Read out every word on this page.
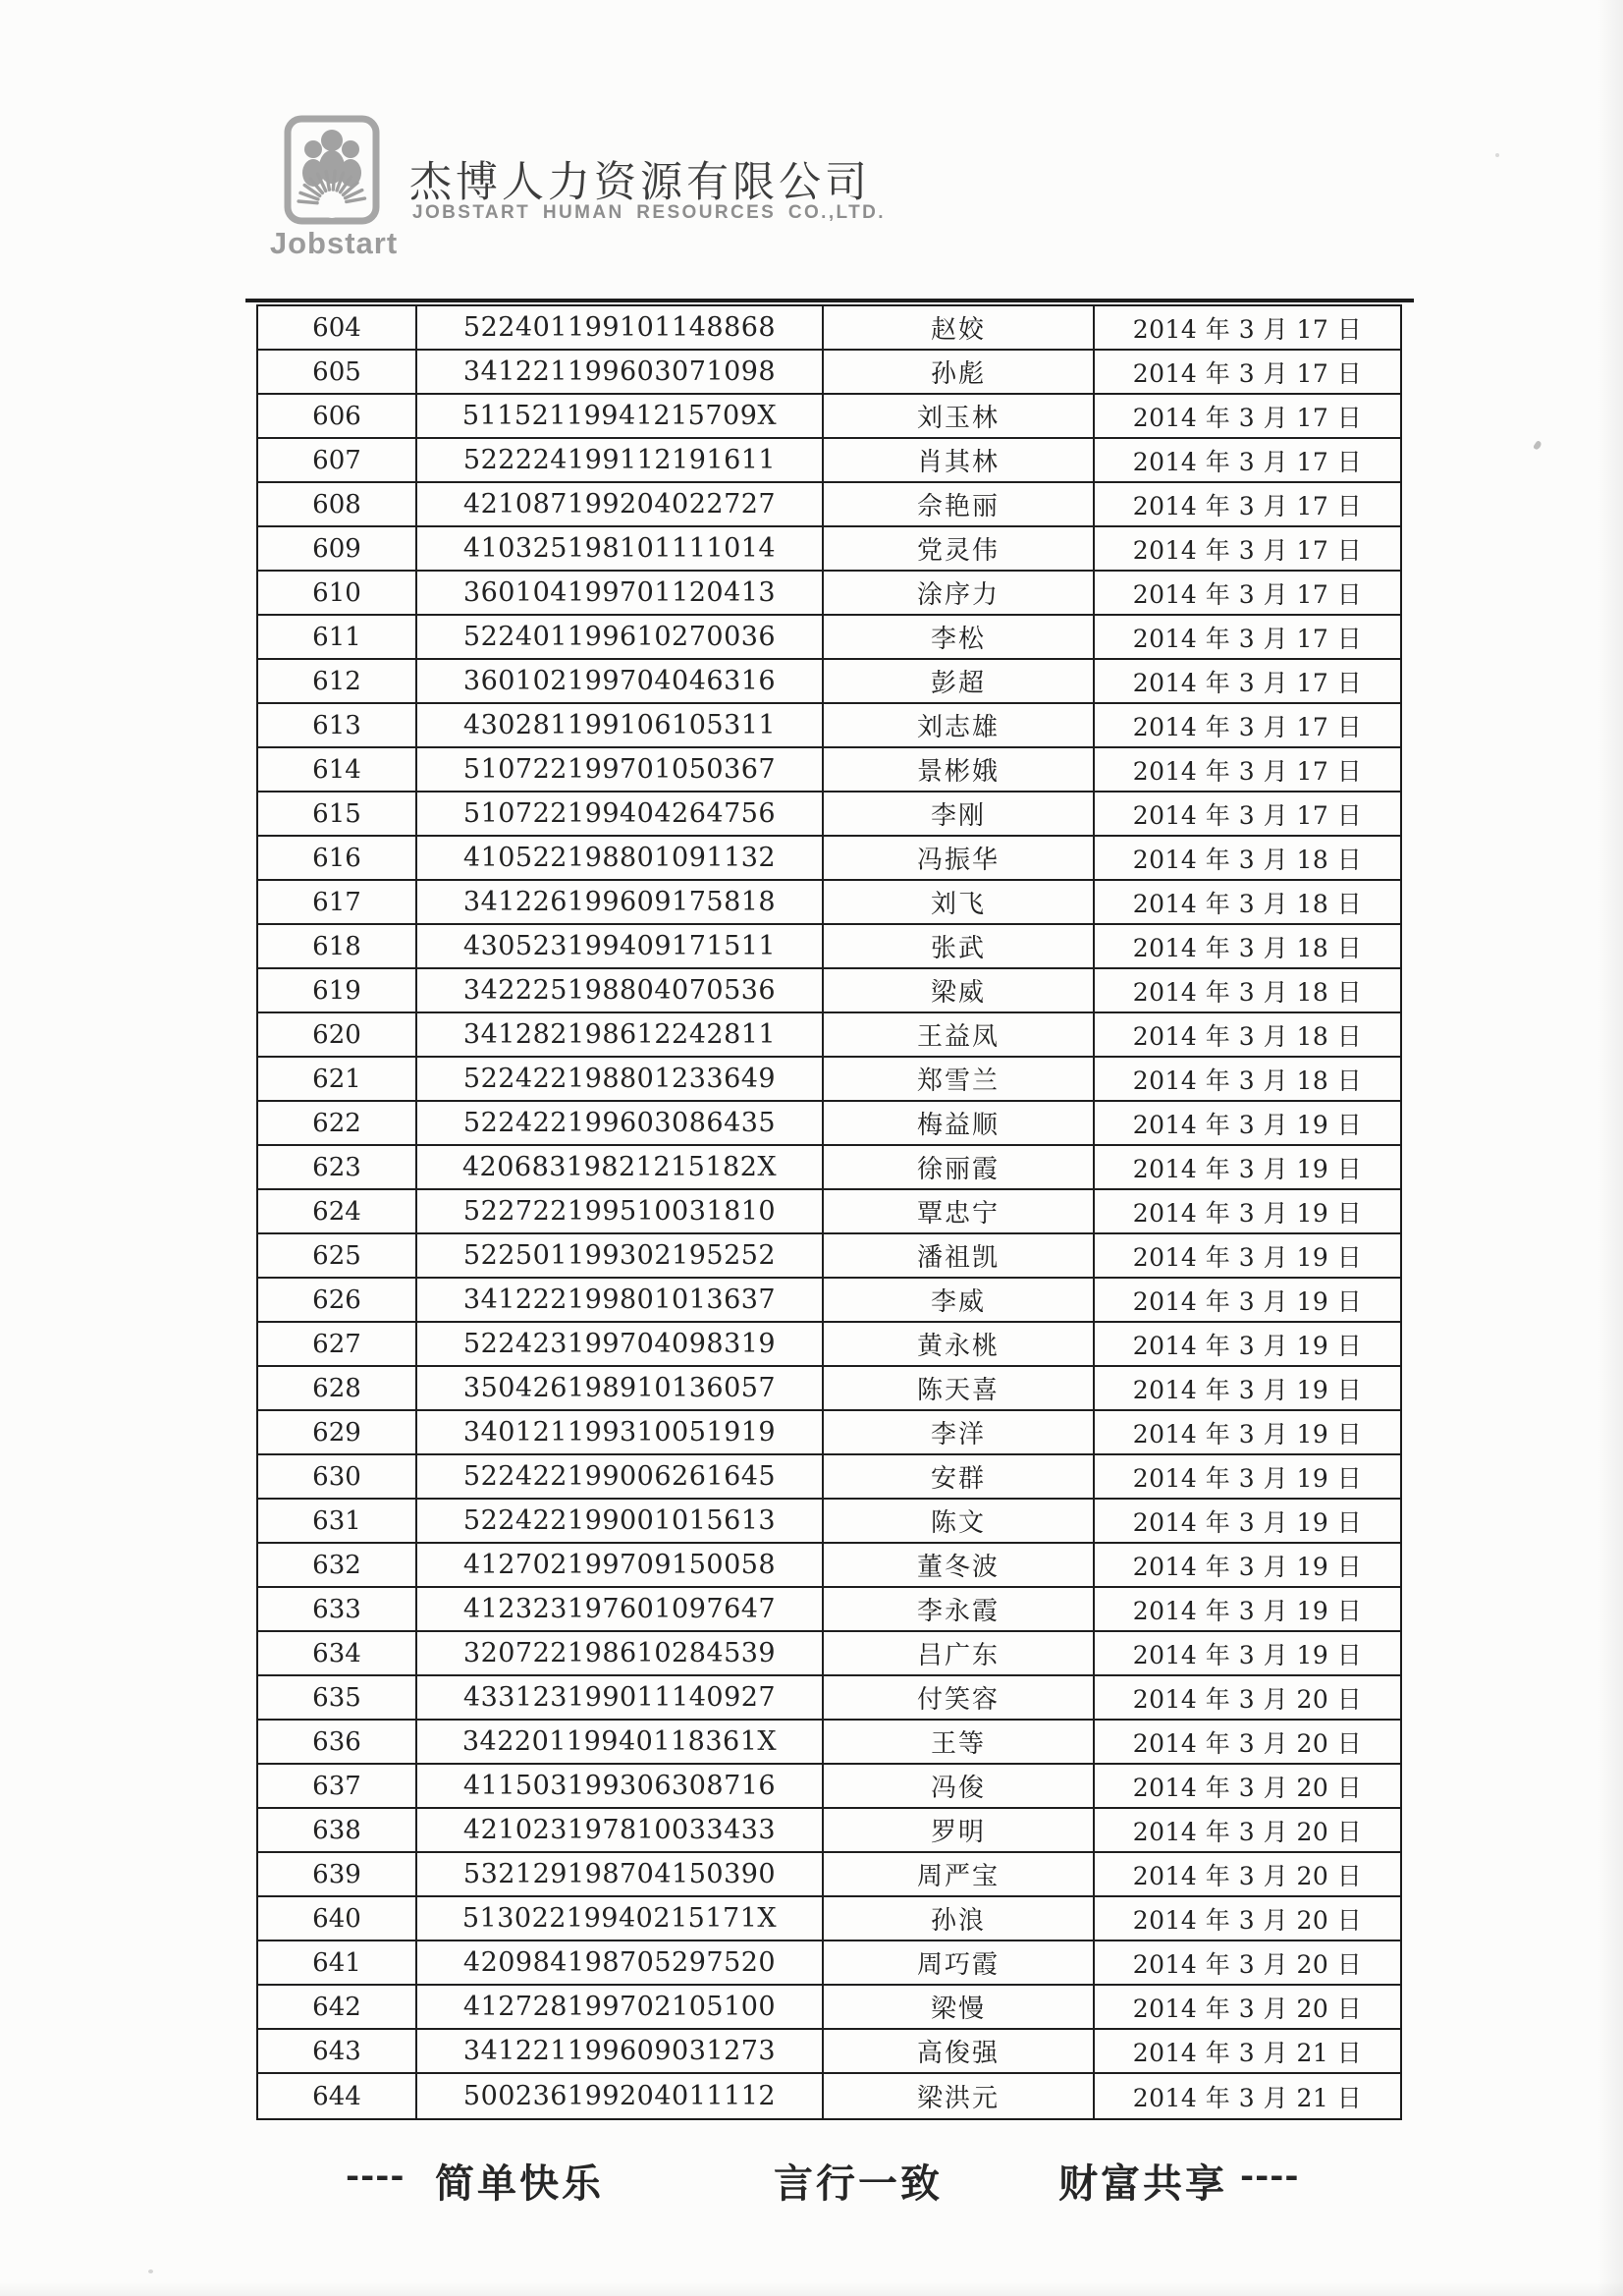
Jobstart
杰博人力资源有限公司
JOBSTART HUMAN RESOURCES CO.,LTD.
604	522401199101148868	赵姣	2014 年 3 月 17 日
605	341221199603071098	孙彪	2014 年 3 月 17 日
606	51152119941215709X	刘玉林	2014 年 3 月 17 日
607	522224199112191611	肖其林	2014 年 3 月 17 日
608	421087199204022727	佘艳丽	2014 年 3 月 17 日
609	410325198101111014	党灵伟	2014 年 3 月 17 日
610	360104199701120413	涂序力	2014 年 3 月 17 日
611	522401199610270036	李松	2014 年 3 月 17 日
612	360102199704046316	彭超	2014 年 3 月 17 日
613	430281199106105311	刘志雄	2014 年 3 月 17 日
614	510722199701050367	景彬娥	2014 年 3 月 17 日
615	510722199404264756	李刚	2014 年 3 月 17 日
616	410522198801091132	冯振华	2014 年 3 月 18 日
617	341226199609175818	刘飞	2014 年 3 月 18 日
618	430523199409171511	张武	2014 年 3 月 18 日
619	342225198804070536	梁威	2014 年 3 月 18 日
620	341282198612242811	王益凤	2014 年 3 月 18 日
621	522422198801233649	郑雪兰	2014 年 3 月 18 日
622	522422199603086435	梅益顺	2014 年 3 月 19 日
623	42068319821215182X	徐丽霞	2014 年 3 月 19 日
624	522722199510031810	覃忠宁	2014 年 3 月 19 日
625	522501199302195252	潘祖凯	2014 年 3 月 19 日
626	341222199801013637	李威	2014 年 3 月 19 日
627	522423199704098319	黄永桃	2014 年 3 月 19 日
628	350426198910136057	陈天喜	2014 年 3 月 19 日
629	340121199310051919	李洋	2014 年 3 月 19 日
630	522422199006261645	安群	2014 年 3 月 19 日
631	522422199001015613	陈文	2014 年 3 月 19 日
632	412702199709150058	董冬波	2014 年 3 月 19 日
633	412323197601097647	李永霞	2014 年 3 月 19 日
634	320722198610284539	吕广东	2014 年 3 月 19 日
635	433123199011140927	付笑容	2014 年 3 月 20 日
636	34220119940118361X	王等	2014 年 3 月 20 日
637	411503199306308716	冯俊	2014 年 3 月 20 日
638	421023197810033433	罗明	2014 年 3 月 20 日
639	532129198704150390	周严宝	2014 年 3 月 20 日
640	51302219940215171X	孙浪	2014 年 3 月 20 日
641	420984198705297520	周巧霞	2014 年 3 月 20 日
642	412728199702105100	梁慢	2014 年 3 月 20 日
643	341221199609031273	高俊强	2014 年 3 月 21 日
644	500236199204011112	梁洪元	2014 年 3 月 21 日
---- 简单快乐	言行一致	财富共享 ----
